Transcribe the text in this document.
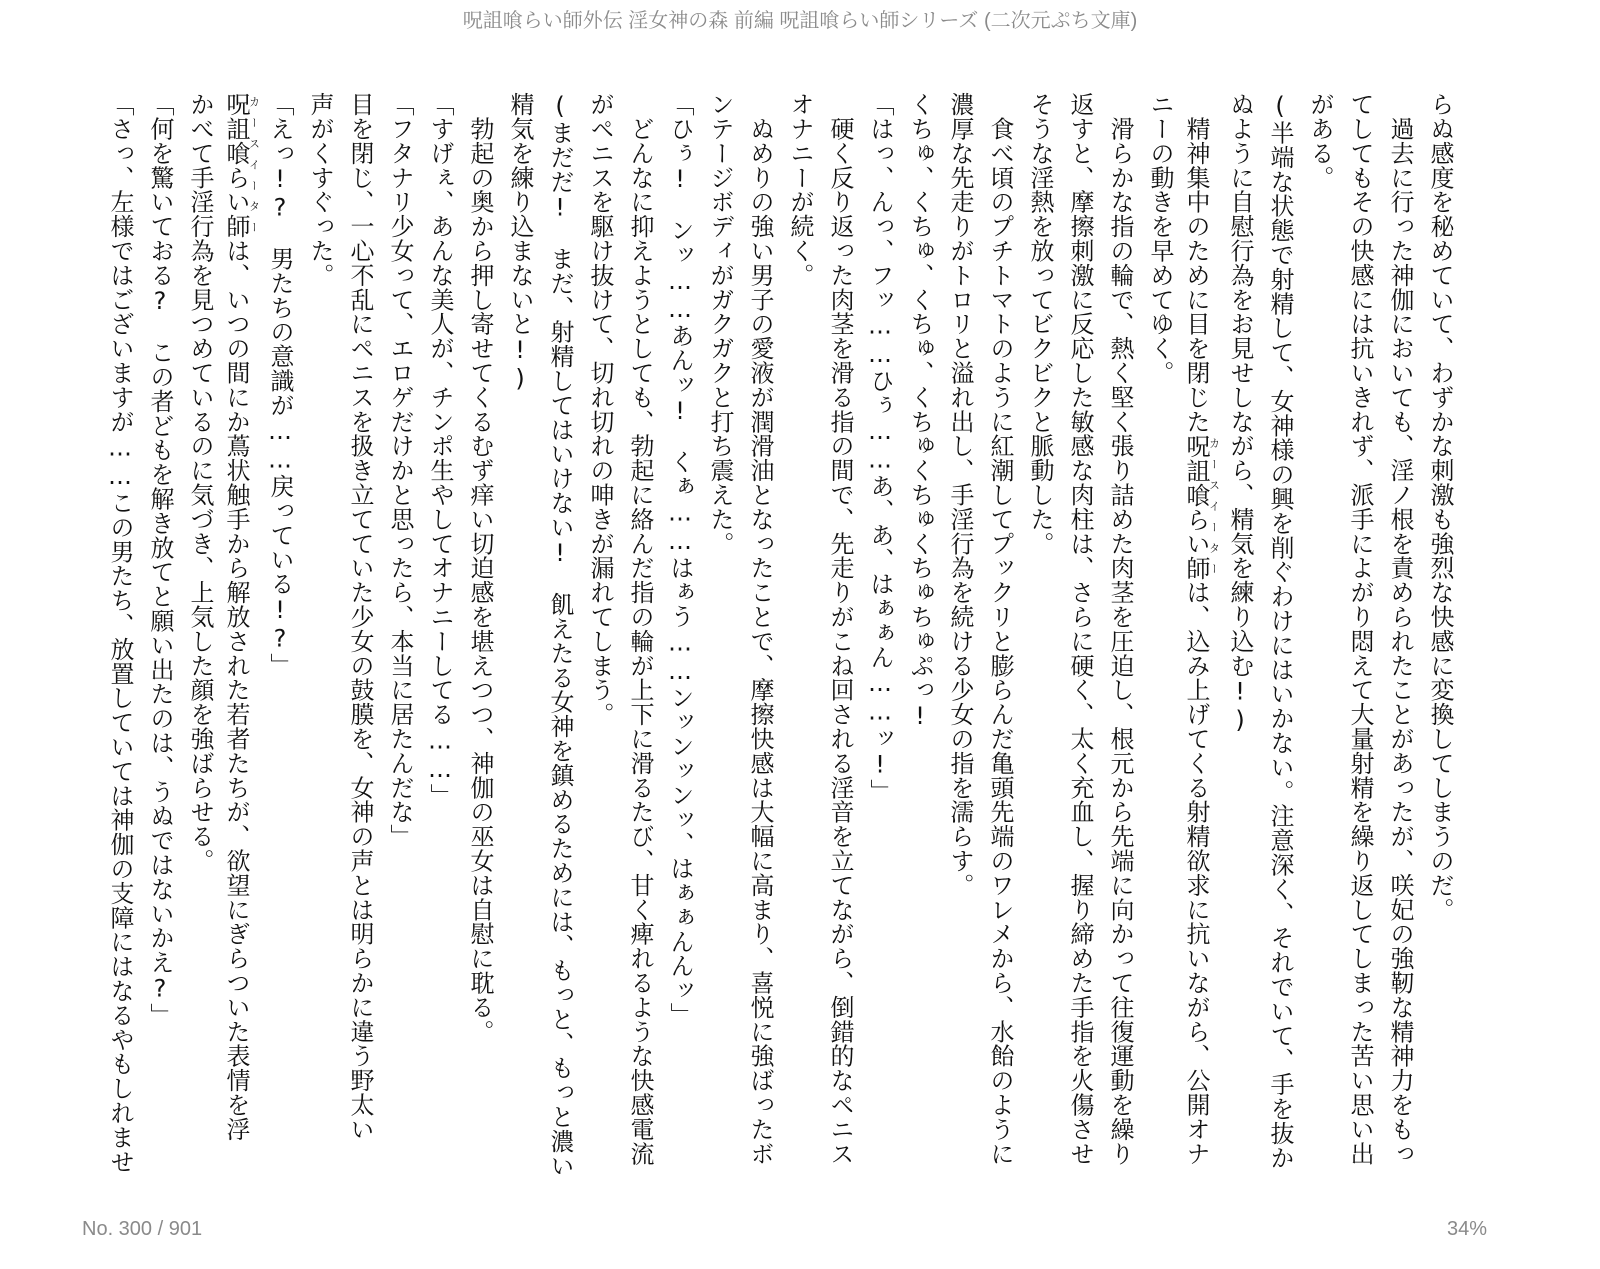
呪詛喰らい師外伝 淫女神の森 前編 呪詛喰らい師シリーズ (二次元ぷち文庫)
らぬ感度を秘めていて、わずかな刺激も強烈な快感に変換してしまうのだ。
　過去に行った神伽においても、淫ノ根を責められたことがあったが、咲妃の強靭な精神力をもっ
てしてもその快感には抗いきれず、派手によがり悶えて大量射精を繰り返してしまった苦い思い出
がある。
(半端な状態で射精して、女神様の興を削ぐわけにはいかない。注意深く、それでいて、手を抜か
ぬように自慰行為をお見せしながら、精気を練り込む!)
　精神集中のために目を閉じた呪詛喰らい師カースイーターは、込み上げてくる射精欲求に抗いながら、公開オナ
ニーの動きを早めてゆく。
　滑らかな指の輪で、熱く堅く張り詰めた肉茎を圧迫し、根元から先端に向かって往復運動を繰り
返すと、摩擦刺激に反応した敏感な肉柱は、さらに硬く、太く充血し、握り締めた手指を火傷させ
そうな淫熱を放ってビクビクと脈動した。
　食べ頃のプチトマトのように紅潮してプックリと膨らんだ亀頭先端のワレメから、水飴のように
濃厚な先走りがトロリと溢れ出し、手淫行為を続ける少女の指を濡らす。
くちゅ、くちゅ、くちゅ、くちゅくちゅくちゅちゅぷっ!
「はっ、んっ、フッ……ひぅ……あ、あ、はぁぁん……ッ!」
　硬く反り返った肉茎を滑る指の間で、先走りがこね回される淫音を立てながら、倒錯的なペニス
オナニーが続く。
　ぬめりの強い男子の愛液が潤滑油となったことで、摩擦快感は大幅に高まり、喜悦に強ばったボ
ンテージボディがガクガクと打ち震えた。
「ひぅ!　ンッ……あんッ!　くぁ……はぁう……ンッンッンッ、はぁぁんんッ」
　どんなに抑えようとしても、勃起に絡んだ指の輪が上下に滑るたび、甘く痺れるような快感電流
がペニスを駆け抜けて、切れ切れの呻きが漏れてしまう。
(まだだ!　まだ、射精してはいけない!　飢えたる女神を鎮めるためには、もっと、もっと濃い
精気を練り込まないと!)
　勃起の奥から押し寄せてくるむず痒い切迫感を堪えつつ、神伽の巫女は自慰に耽る。
「すげぇ、あんな美人が、チンポ生やしてオナニーしてる……」
「フタナリ少女って、エロゲだけかと思ったら、本当に居たんだな」
目を閉じ、一心不乱にペニスを扱き立てていた少女の鼓膜を、女神の声とは明らかに違う野太い
声がくすぐった。
「えっ!?　男たちの意識が……戻っている!?」
呪詛喰らい師カースイーターは、いつの間にか蔦状触手から解放された若者たちが、欲望にぎらついた表情を浮
かべて手淫行為を見つめているのに気づき、上気した顔を強ばらせる。
「何を驚いておる?　この者どもを解き放てと願い出たのは、うぬではないかえ?」
「さっ、左様ではございますが……この男たち、放置していては神伽の支障にはなるやもしれませ
No. 300 / 901	34%
